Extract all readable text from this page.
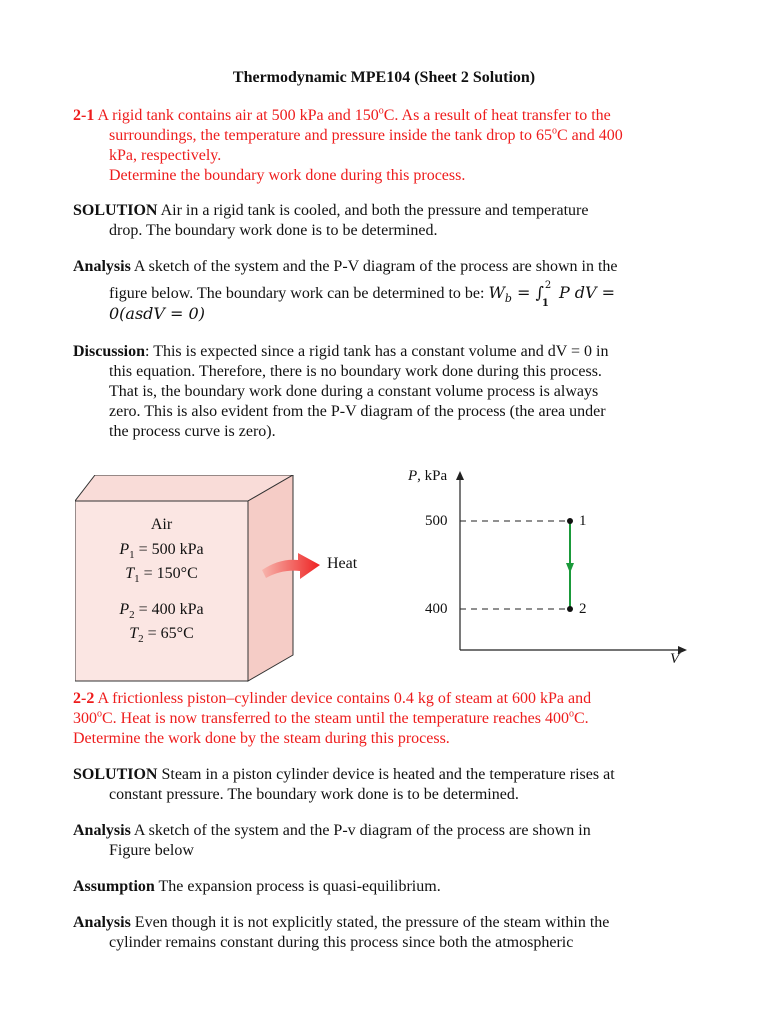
Thermodynamic MPE104 (Sheet 2 Solution)
2-1 A rigid tank contains air at 500 kPa and 150$^o$C. As a result of heat transfer to the
surroundings, the temperature and pressure inside the tank drop to 65$^o$C and 400
kPa, respectively.
Determine the boundary work done during this process.
SOLUTION Air in a rigid tank is cooled, and both the pressure and temperature
drop. The boundary work done is to be determined.
Analysis A sketch of the system and the P-V diagram of the process are shown in the
figure below. The boundary work can be determined to be: $W_b$ = ∫ 2
1
P dV =
0(asdV = 0)
Discussion: This is expected since a rigid tank has a constant volume and dV = 0 in
this equation. Therefore, there is no boundary work done during this process.
That is, the boundary work done during a constant volume process is always
zero. This is also evident from the P-V diagram of the process (the area under
the process curve is zero).
Air
$P_1 = 500$ kPa
$T_1 = 150^\circ C$
$P_2 = 400$ kPa
$T_2 = 65^\circ C$
Heat
P, kPa
500
400
1
2
V
2-2 A frictionless piston–cylinder device contains 0.4 kg of steam at 600 kPa and
300$^o$C. Heat is now transferred to the steam until the temperature reaches 400$^o$C.
Determine the work done by the steam during this process.
SOLUTION Steam in a piston cylinder device is heated and the temperature rises at
constant pressure. The boundary work done is to be determined.
Analysis A sketch of the system and the P-v diagram of the process are shown in
Figure below
Assumption The expansion process is quasi-equilibrium.
Analysis Even though it is not explicitly stated, the pressure of the steam within the
cylinder remains constant during this process since both the atmospheric
